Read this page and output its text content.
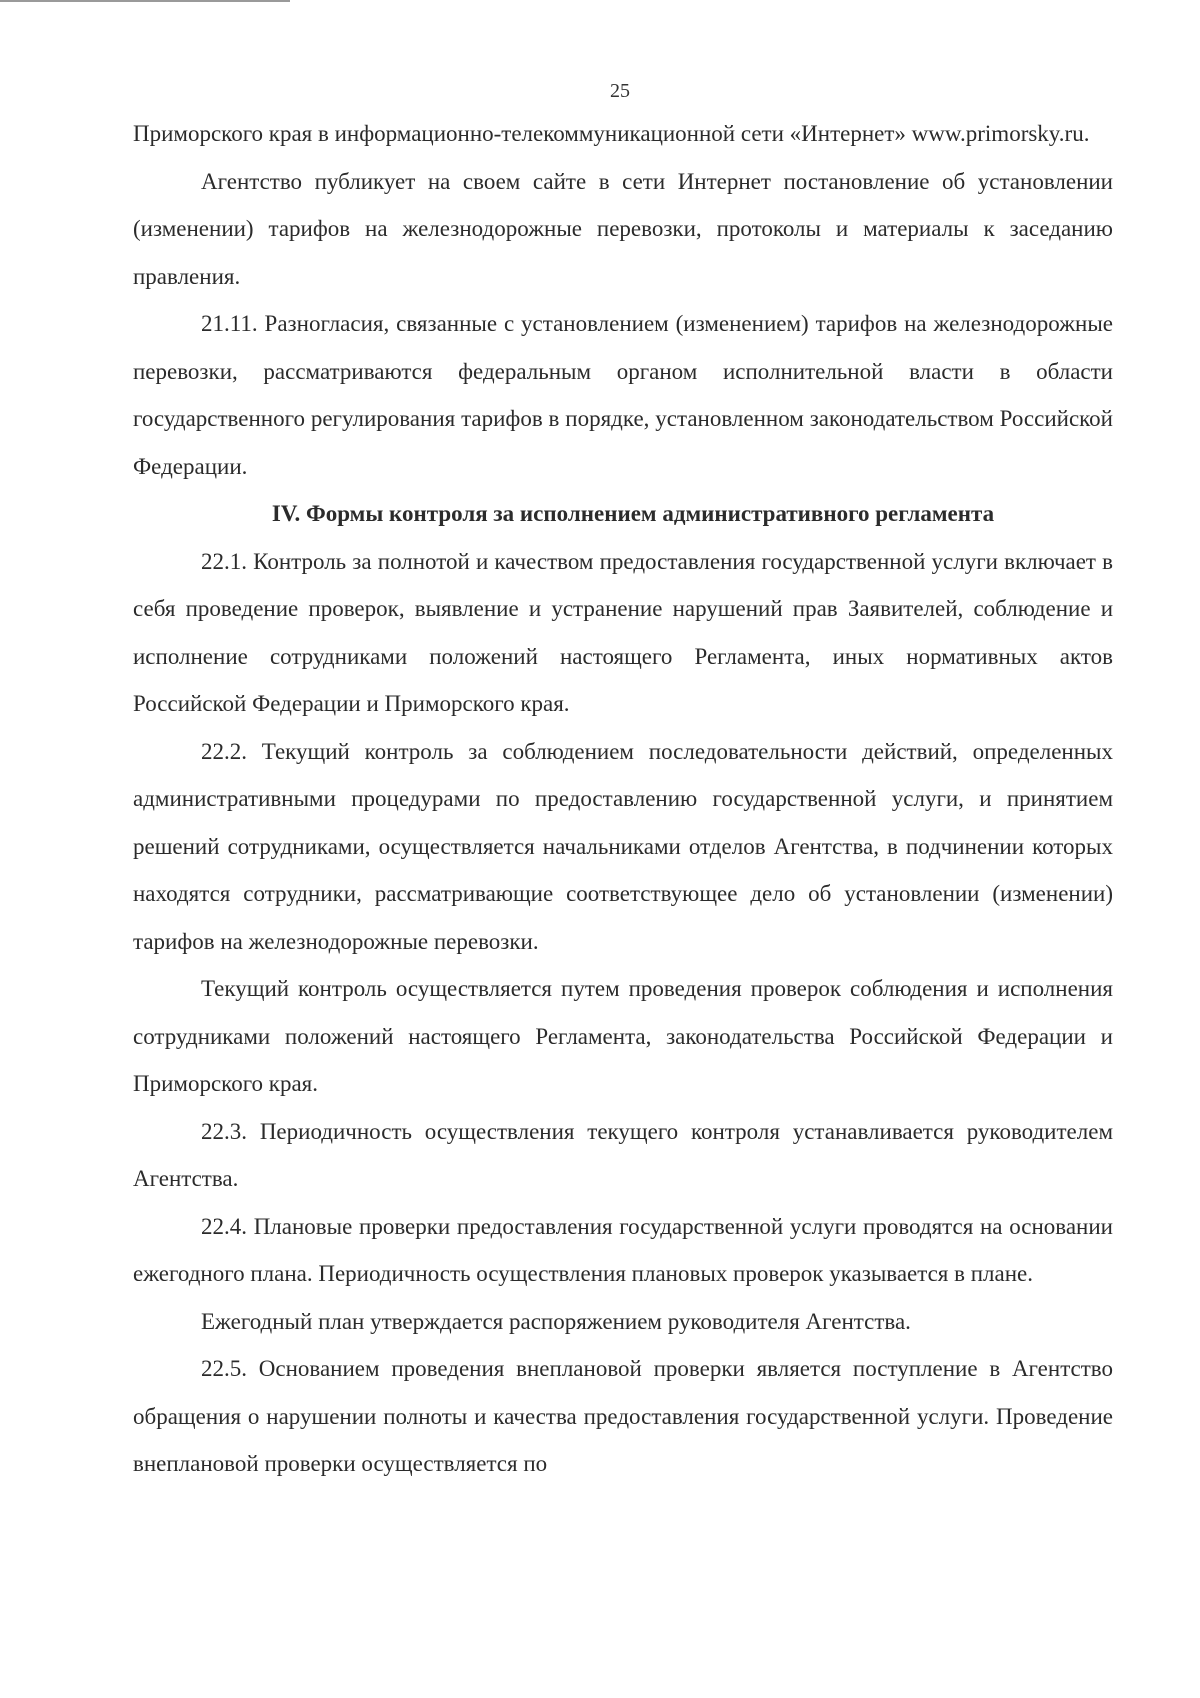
25

Приморского края в информационно-телекоммуникационной сети «Интернет» www.primorsky.ru.

Агентство публикует на своем сайте в сети Интернет постановление об установлении (изменении) тарифов на железнодорожные перевозки, протоколы и материалы к заседанию правления.

21.11. Разногласия, связанные с установлением (изменением) тарифов на железнодорожные перевозки, рассматриваются федеральным органом исполнительной власти в области государственного регулирования тарифов в порядке, установленном законодательством Российской Федерации.

IV. Формы контроля за исполнением административного регламента

22.1. Контроль за полнотой и качеством предоставления государственной услуги включает в себя проведение проверок, выявление и устранение нарушений прав Заявителей, соблюдение и исполнение сотрудниками положений настоящего Регламента, иных нормативных актов Российской Федерации и Приморского края.

22.2. Текущий контроль за соблюдением последовательности действий, определенных административными процедурами по предоставлению государственной услуги, и принятием решений сотрудниками, осуществляется начальниками отделов Агентства, в подчинении которых находятся сотрудники, рассматривающие соответствующее дело об установлении (изменении) тарифов на железнодорожные перевозки.

Текущий контроль осуществляется путем проведения проверок соблюдения и исполнения сотрудниками положений настоящего Регламента, законодательства Российской Федерации и Приморского края.

22.3. Периодичность осуществления текущего контроля устанавливается руководителем Агентства.

22.4. Плановые проверки предоставления государственной услуги проводятся на основании ежегодного плана. Периодичность осуществления плановых проверок указывается в плане.

Ежегодный план утверждается распоряжением руководителя Агентства.

22.5. Основанием проведения внеплановой проверки является поступление в Агентство обращения о нарушении полноты и качества предоставления государственной услуги. Проведение внеплановой проверки осуществляется по
